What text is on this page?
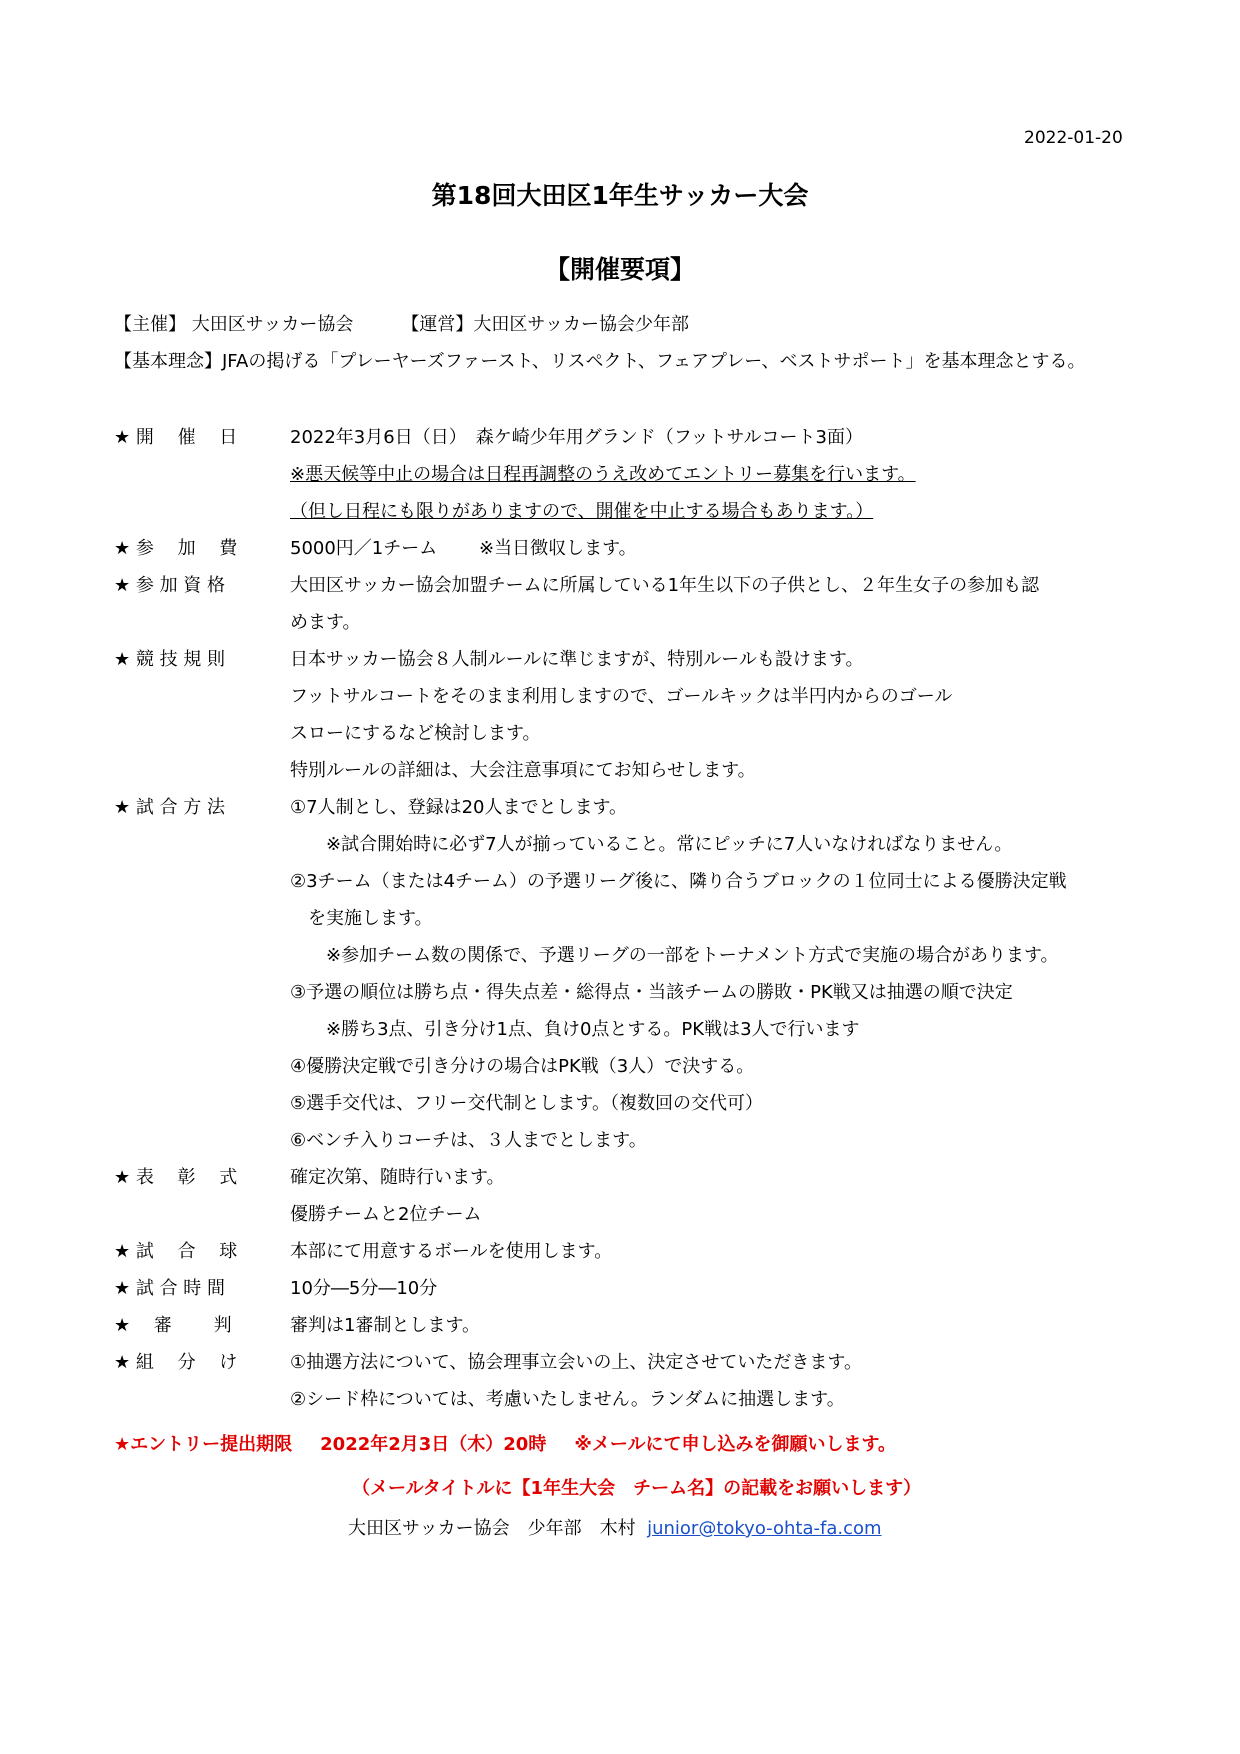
2022-01-20
第18回大田区1年生サッカー大会
【開催要項】
【主催】 大田区サッカー協会	【運営】大田区サッカー協会少年部
【基本理念】JFAの掲げる「プレーヤーズファースト、リスペクト、フェアプレー、ベストサポート」を基本理念とする。
★ 開　 催　 日	2022年3月6日（日）　森ケ崎少年用グランド（フットサルコート3面）
※悪天候等中止の場合は日程再調整のうえ改めてエントリー募集を行います。
（但し日程にも限りがありますので、開催を中止する場合もあります。）
★ 参　 加　 費	5000円／1チーム　　 ※当日徴収します。
★ 参 加 資 格	大田区サッカー協会加盟チームに所属している1年生以下の子供とし、２年生女子の参加も認
めます。
★ 競 技 規 則	日本サッカー協会８人制ルールに準じますが、特別ルールも設けます。
フットサルコートをそのまま利用しますので、ゴールキックは半円内からのゴール
スローにするなど検討します。
特別ルールの詳細は、大会注意事項にてお知らせします。
★ 試 合 方 法	①7人制とし、登録は20人までとします。
　　※試合開始時に必ず7人が揃っていること。常にピッチに7人いなければなりません。
②3チーム（または4チーム）の予選リーグ後に、隣り合うブロックの１位同士による優勝決定戦
　を実施します。
　　※参加チーム数の関係で、予選リーグの一部をトーナメント方式で実施の場合があります。
③予選の順位は勝ち点・得失点差・総得点・当該チームの勝敗・PK戦又は抽選の順で決定
　　※勝ち3点、引き分け1点、負け0点とする。PK戦は3人で行います
④優勝決定戦で引き分けの場合はPK戦（3人）で決する。
⑤選手交代は、フリー交代制とします。（複数回の交代可）
⑥ベンチ入りコーチは、３人までとします。
★ 表　 彰　 式	確定次第、随時行います。
優勝チームと2位チーム
★ 試　 合　 球	本部にて用意するボールを使用します。
★ 試 合 時 間	10分―5分―10分
★　 審　　 判	審判は1審制とします。
★ 組　 分　 け	①抽選方法について、協会理事立会いの上、決定させていただきます。
②シード枠については、考慮いたしません。ランダムに抽選します。
★エントリー提出期限 2022年2月3日（木）20時 ※メールにて申し込みを御願いします。
（メールタイトルに【1年生大会　チーム名】の記載をお願いします）
大田区サッカー協会　少年部　木村 junior@tokyo-ohta-fa.com
